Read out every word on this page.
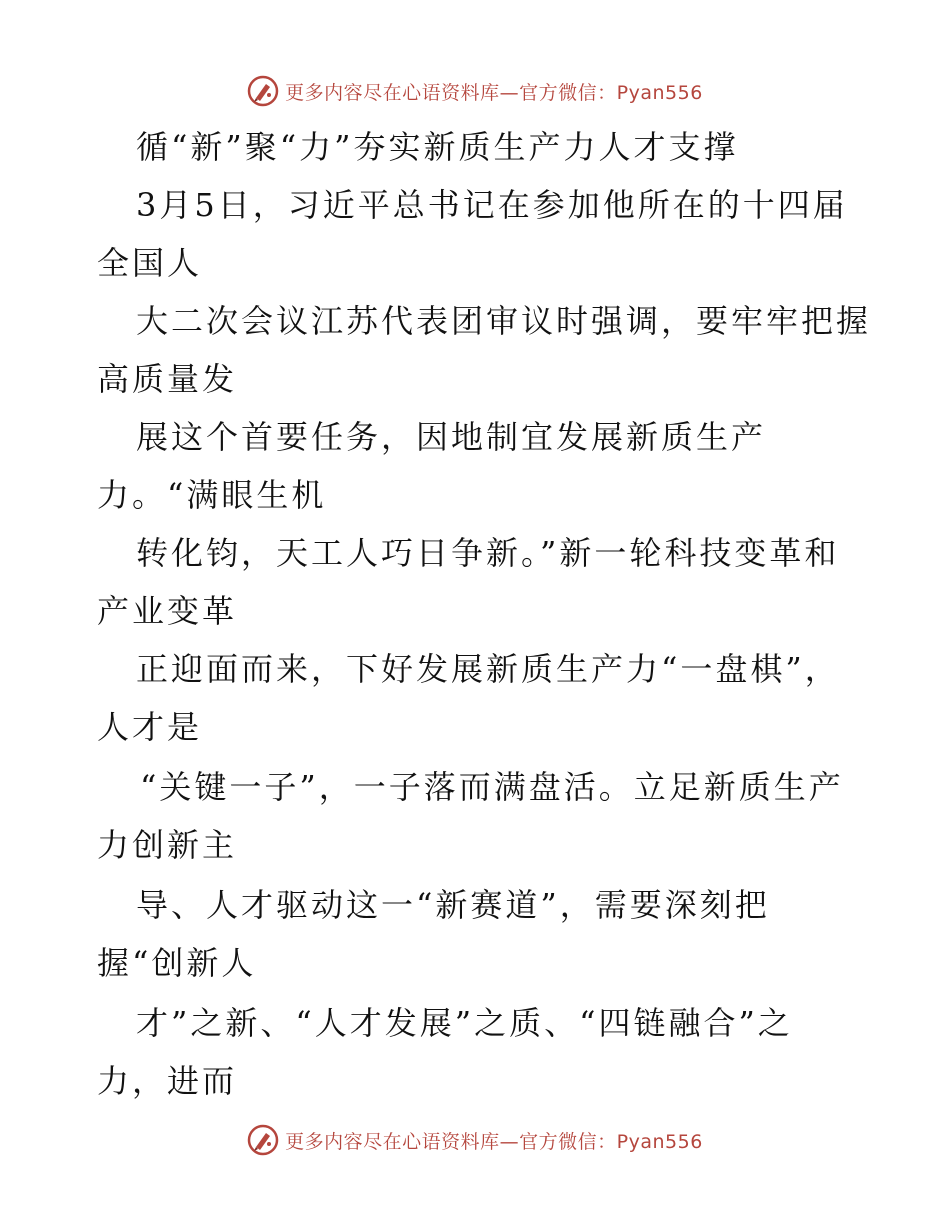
更多内容尽在心语资料库—官方微信：Pyan556
循“新”聚“力”夯实新质生产力人才支撑
3月5日，习近平总书记在参加他所在的十四届
全国人
大二次会议江苏代表团审议时强调，要牢牢把握
高质量发
展这个首要任务，因地制宜发展新质生产
力。“满眼生机
转化钧，天工人巧日争新。”新一轮科技变革和
产业变革
正迎面而来，下好发展新质生产力“一盘棋”，
人才是
“关键一子”，一子落而满盘活。立足新质生产
力创新主
导、人才驱动这一“新赛道”，需要深刻把
握“创新人
才”之新、“人才发展”之质、“四链融合”之
力，进而
更多内容尽在心语资料库—官方微信：Pyan556
